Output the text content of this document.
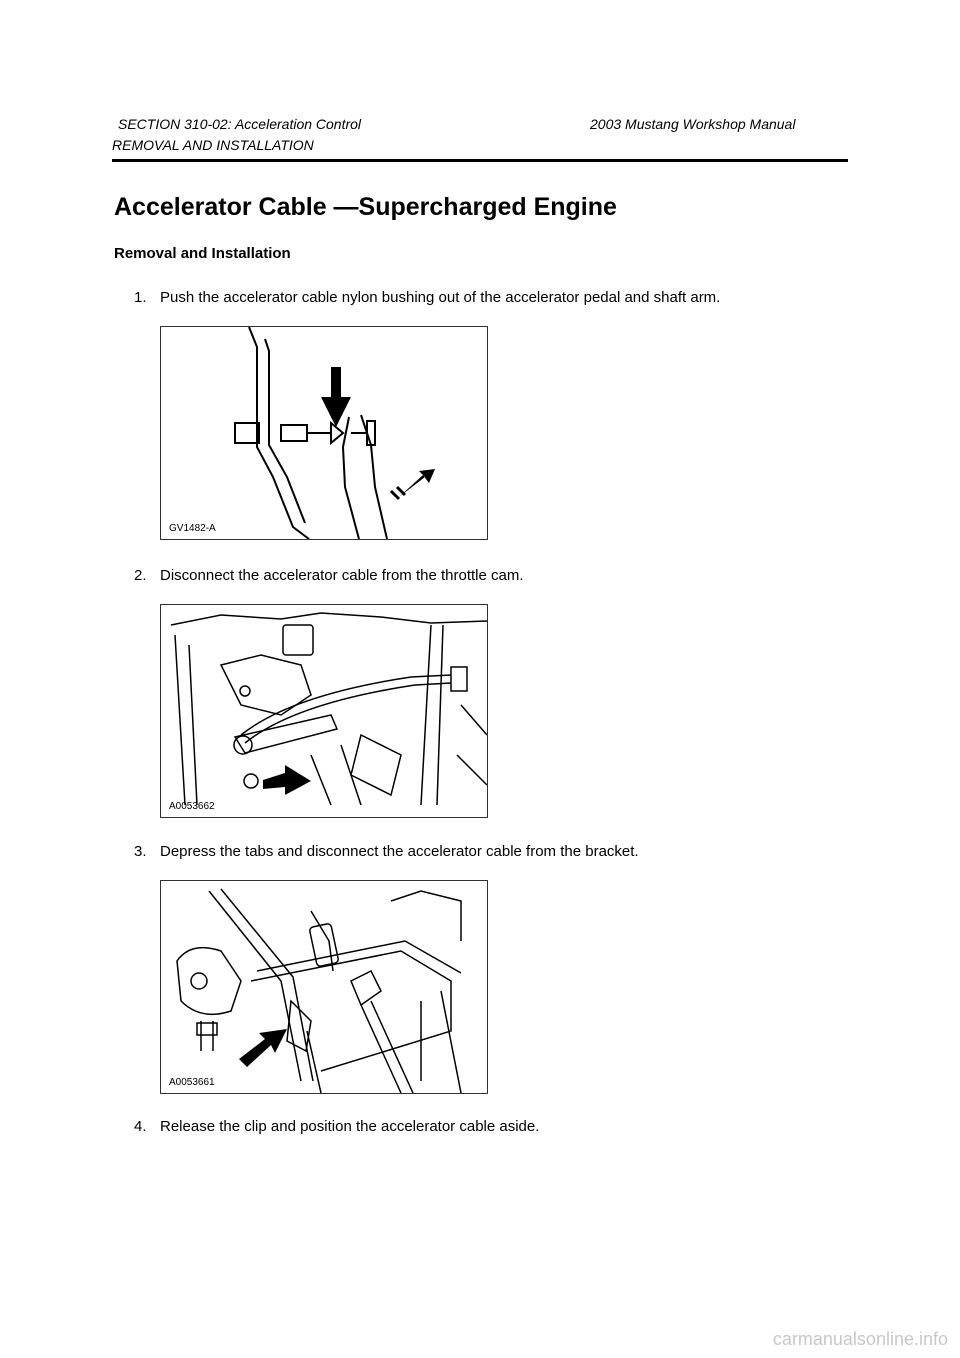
SECTION 310-02: Acceleration Control	2003 Mustang Workshop Manual
REMOVAL AND INSTALLATION
Accelerator Cable —Supercharged Engine
Removal and Installation
1. Push the accelerator cable nylon bushing out of the accelerator pedal and shaft arm.
GV1482-A
2. Disconnect the accelerator cable from the throttle cam.
A0053662
3. Depress the tabs and disconnect the accelerator cable from the bracket.
A0053661
4. Release the clip and position the accelerator cable aside.
carmanualsonline.info
